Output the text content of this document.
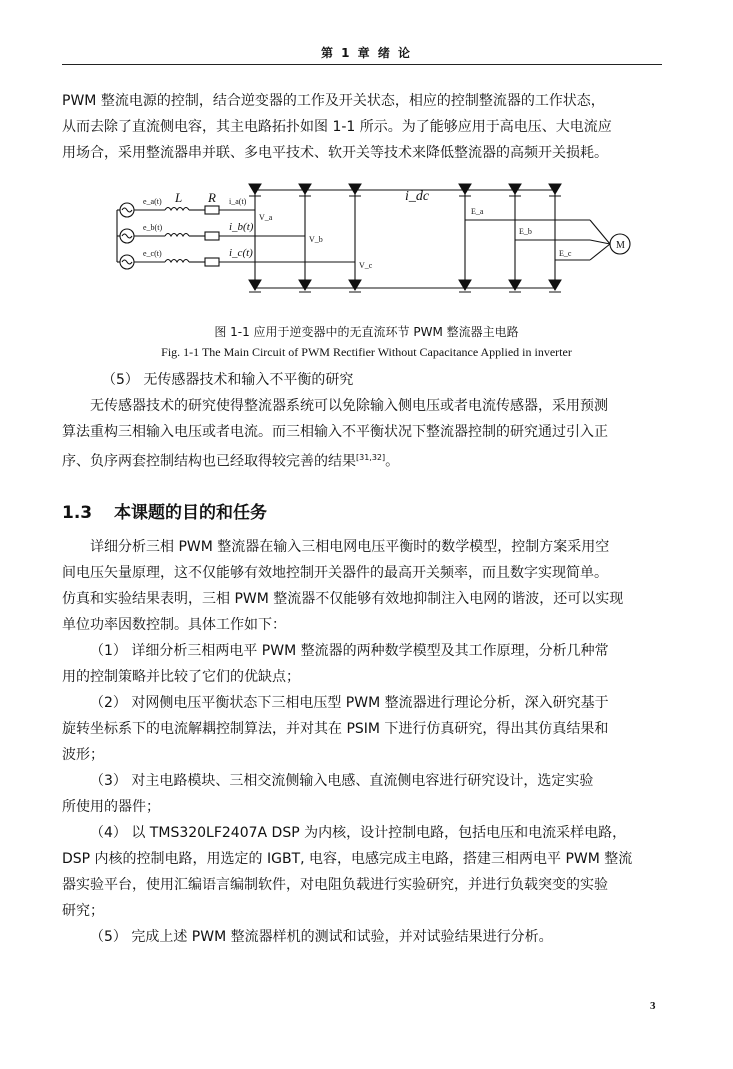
第 1 章 绪 论
PWM 整流电源的控制，结合逆变器的工作及开关状态，相应的控制整流器的工作状态，
从而去除了直流侧电容，其主电路拓扑如图 1-1 所示。为了能够应用于高电压、大电流应
用场合，采用整流器串并联、多电平技术、软开关等技术来降低整流器的高频开关损耗。
e_a(t)
e_b(t)
e_c(t)
L R i_a(t)
i_b(t)
i_c(t)
i_dc
V_a
V_b
V_c
E_a
E_b
E_c
M
图 1-1 应用于逆变器中的无直流环节 PWM 整流器主电路
Fig. 1-1 The Main Circuit of PWM Rectifier Without Capacitance Applied in inverter
（5） 无传感器技术和输入不平衡的研究
无传感器技术的研究使得整流器系统可以免除输入侧电压或者电流传感器，采用预测
算法重构三相输入电压或者电流。而三相输入不平衡状况下整流器控制的研究通过引入正
序、负序两套控制结构也已经取得较完善的结果[31,32]。
1.3 本课题的目的和任务
详细分析三相 PWM 整流器在输入三相电网电压平衡时的数学模型，控制方案采用空
间电压矢量原理，这不仅能够有效地控制开关器件的最高开关频率，而且数字实现简单。
仿真和实验结果表明，三相 PWM 整流器不仅能够有效地抑制注入电网的谐波，还可以实现
单位功率因数控制。具体工作如下：
（1） 详细分析三相两电平 PWM 整流器的两种数学模型及其工作原理，分析几种常
用的控制策略并比较了它们的优缺点；
（2） 对网侧电压平衡状态下三相电压型 PWM 整流器进行理论分析，深入研究基于
旋转坐标系下的电流解耦控制算法，并对其在 PSIM 下进行仿真研究，得出其仿真结果和
波形；
（3） 对主电路模块、三相交流侧输入电感、直流侧电容进行研究设计，选定实验
所使用的器件；
（4） 以 TMS320LF2407A DSP 为内核，设计控制电路，包括电压和电流采样电路，
DSP 内核的控制电路，用选定的 IGBT, 电容，电感完成主电路，搭建三相两电平 PWM 整流
器实验平台，使用汇编语言编制软件，对电阻负载进行实验研究，并进行负载突变的实验
研究；
（5） 完成上述 PWM 整流器样机的测试和试验，并对试验结果进行分析。
3
